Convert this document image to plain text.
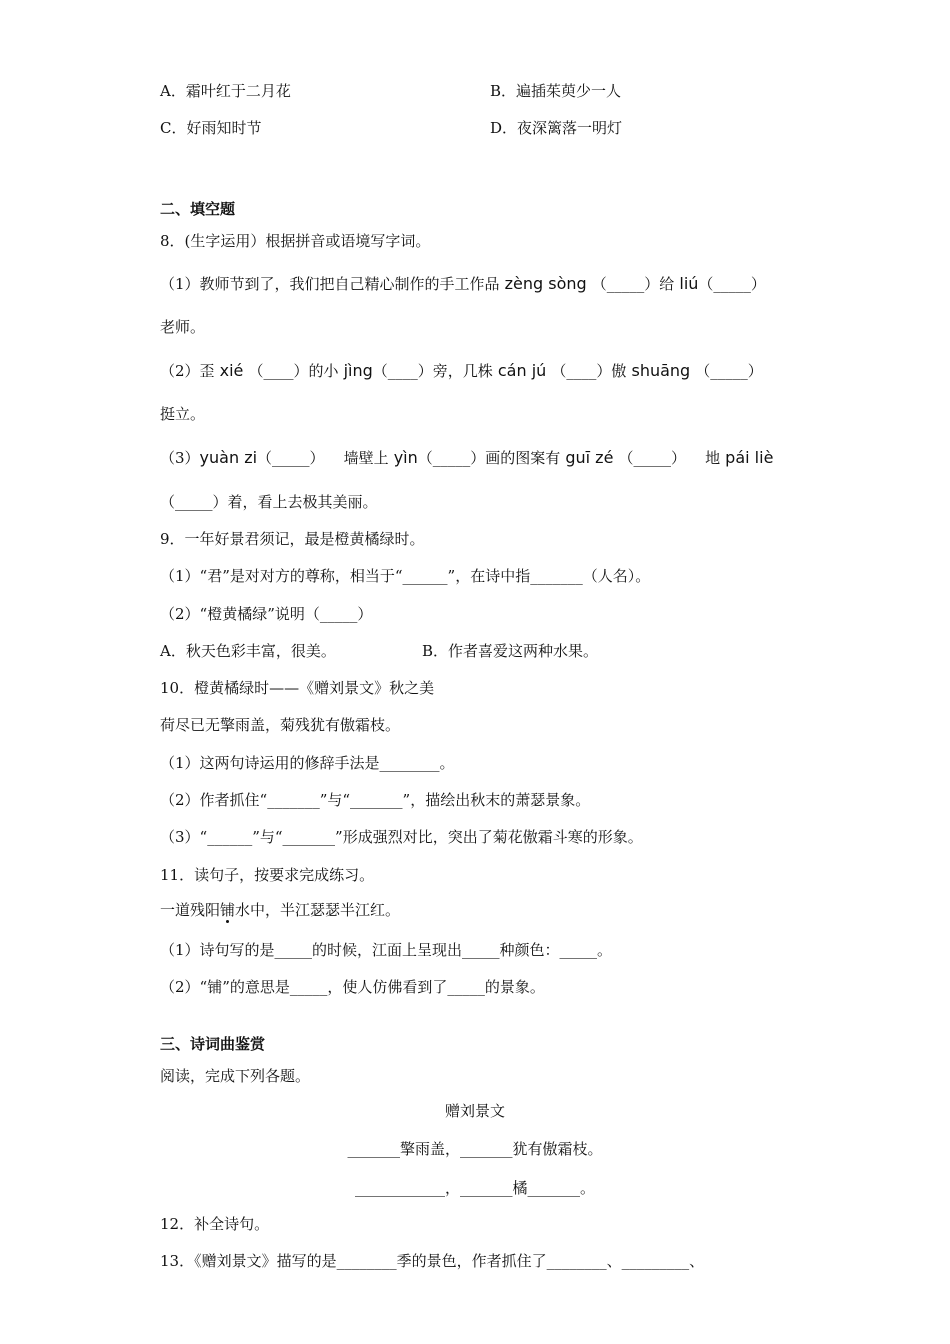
A．霜叶红于二月花	B．遍插茱萸少一人
C．好雨知时节	D．夜深篱落一明灯
二、填空题
8．(生字运用）根据拼音或语境写字词。
（1）教师节到了，我们把自己精心制作的手工作品 zèng sòng （_____）给 liú（_____）
老师。
（2）歪 xié （____）的小 jìng（____）旁，几株 cán jú （____）傲 shuāng （_____）
挺立。
（3）yuàn zi（_____）    墙壁上 yìn（_____）画的图案有 guī zé （_____）    地 pái liè
（_____）着，看上去极其美丽。
9．一年好景君须记，最是橙黄橘绿时。
（1）“君”是对对方的尊称，相当于“______”，在诗中指_______（人名）。
（2）“橙黄橘绿”说明（_____）
A．秋天色彩丰富，很美。	B．作者喜爱这两种水果。
10．橙黄橘绿时——《赠刘景文》秋之美
荷尽已无擎雨盖，菊残犹有傲霜枝。
（1）这两句诗运用的修辞手法是________。
（2）作者抓住“_______”与“_______”，描绘出秋末的萧瑟景象。
（3）“______”与“_______”形成强烈对比，突出了菊花傲霜斗寒的形象。
11．读句子，按要求完成练习。
一道残阳铺水中，半江瑟瑟半江红。
（1）诗句写的是_____的时候，江面上呈现出_____种颜色：_____。
（2）“铺”的意思是_____，使人仿佛看到了_____的景象。
三、诗词曲鉴赏
阅读，完成下列各题。
赠刘景文
_______擎雨盖，_______犹有傲霜枝。
____________，_______橘_______。
12．补全诗句。
13．《赠刘景文》描写的是________季的景色，作者抓住了________、_________、
